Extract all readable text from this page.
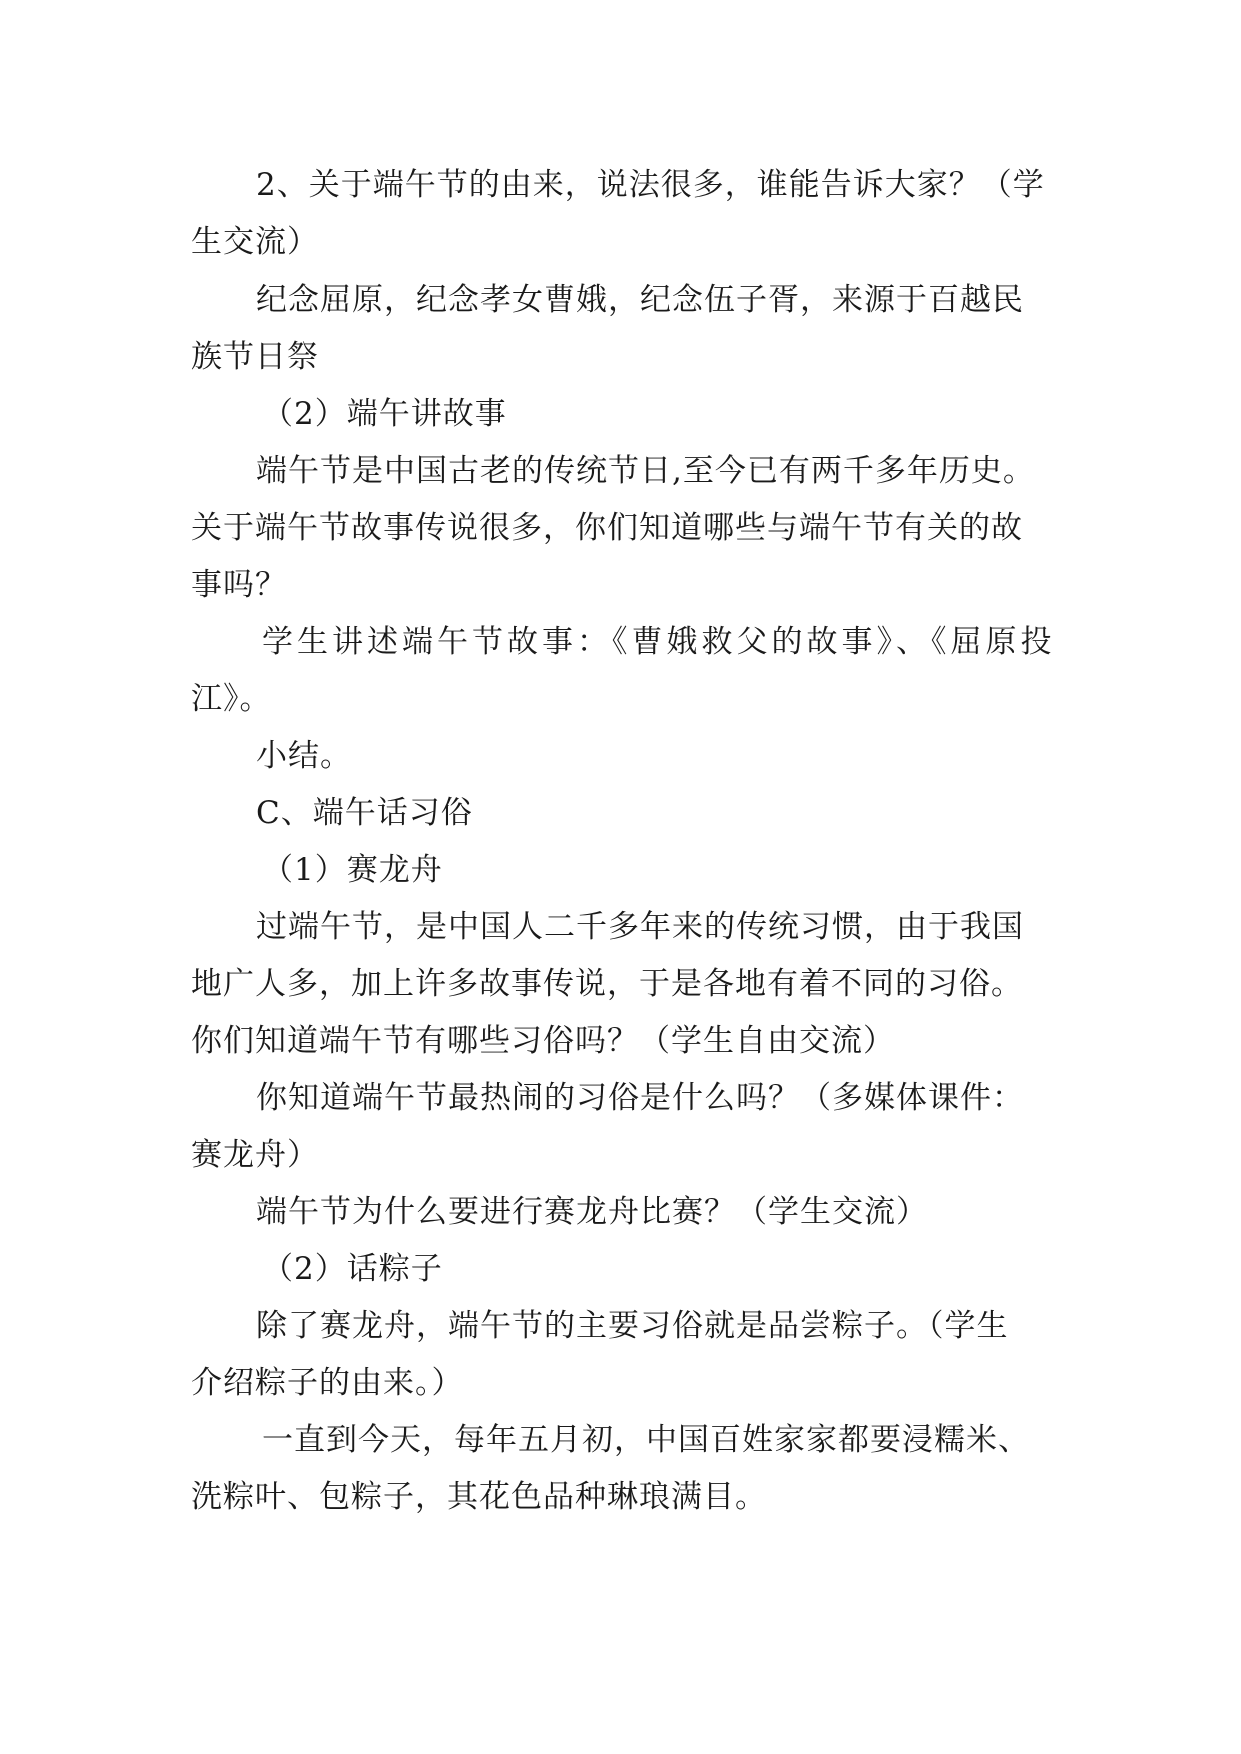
2、关于端午节的由来，说法很多，谁能告诉大家？（学
生交流）
纪念屈原，纪念孝女曹娥，纪念伍子胥，来源于百越民
族节日祭
（2）端午讲故事
端午节是中国古老的传统节日,至今已有两千多年历史。
关于端午节故事传说很多，你们知道哪些与端午节有关的故
事吗？
学生讲述端午节故事：《曹娥救父的故事》、《屈原投
江》。
小结。
C、端午话习俗
（1）赛龙舟
过端午节，是中国人二千多年来的传统习惯，由于我国
地广人多，加上许多故事传说，于是各地有着不同的习俗。
你们知道端午节有哪些习俗吗？（学生自由交流）
你知道端午节最热闹的习俗是什么吗？（多媒体课件：
赛龙舟）
端午节为什么要进行赛龙舟比赛？（学生交流）
（2）话粽子
除了赛龙舟，端午节的主要习俗就是品尝粽子。（学生
介绍粽子的由来。）
一直到今天，每年五月初，中国百姓家家都要浸糯米、
洗粽叶、包粽子，其花色品种琳琅满目。
